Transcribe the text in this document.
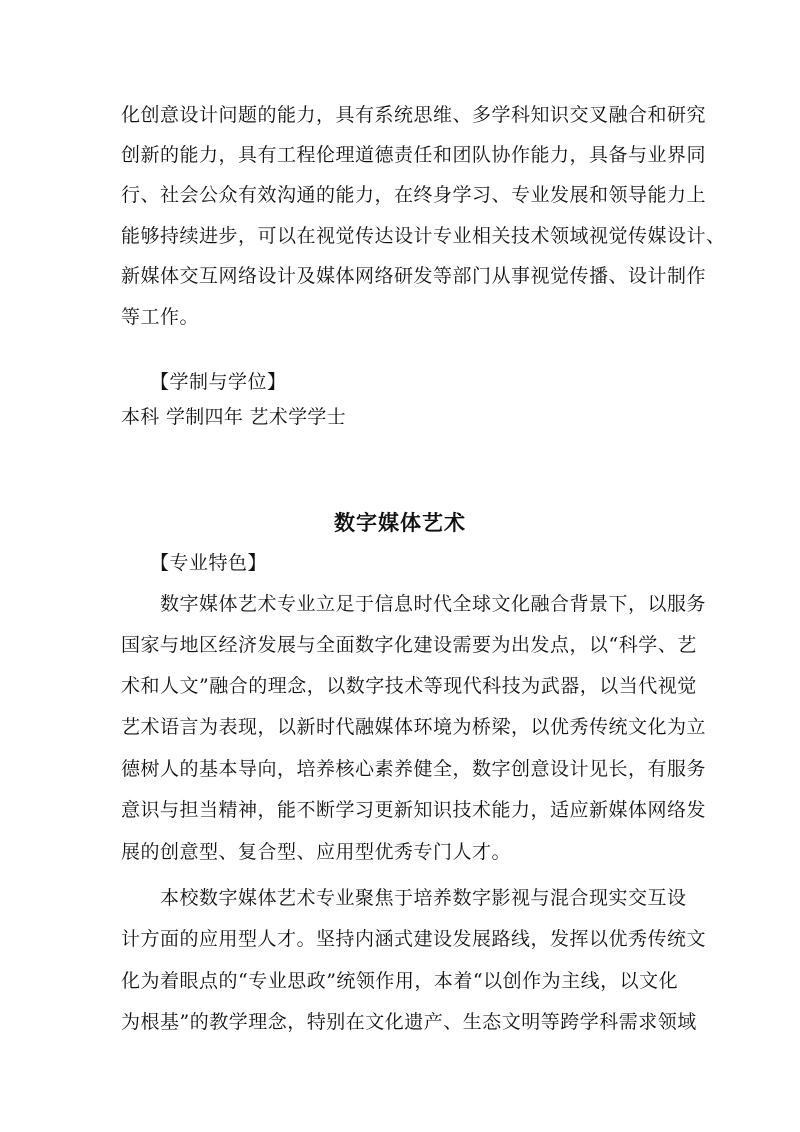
化创意设计问题的能力，具有系统思维、多学科知识交叉融合和研究
创新的能力，具有工程伦理道德责任和团队协作能力，具备与业界同
行、社会公众有效沟通的能力，在终身学习、专业发展和领导能力上
能够持续进步，可以在视觉传达设计专业相关技术领域视觉传媒设计、
新媒体交互网络设计及媒体网络研发等部门从事视觉传播、设计制作
等工作。
【学制与学位】
本科 学制四年 艺术学学士
数字媒体艺术
【专业特色】
数字媒体艺术专业立足于信息时代全球文化融合背景下，以服务
国家与地区经济发展与全面数字化建设需要为出发点，以“科学、艺
术和人文”融合的理念，以数字技术等现代科技为武器，以当代视觉
艺术语言为表现，以新时代融媒体环境为桥梁，以优秀传统文化为立
德树人的基本导向，培养核心素养健全，数字创意设计见长，有服务
意识与担当精神，能不断学习更新知识技术能力，适应新媒体网络发
展的创意型、复合型、应用型优秀专门人才。
本校数字媒体艺术专业聚焦于培养数字影视与混合现实交互设
计方面的应用型人才。坚持内涵式建设发展路线，发挥以优秀传统文
化为着眼点的“专业思政”统领作用，本着“以创作为主线，以文化
为根基”的教学理念，特别在文化遗产、生态文明等跨学科需求领域
